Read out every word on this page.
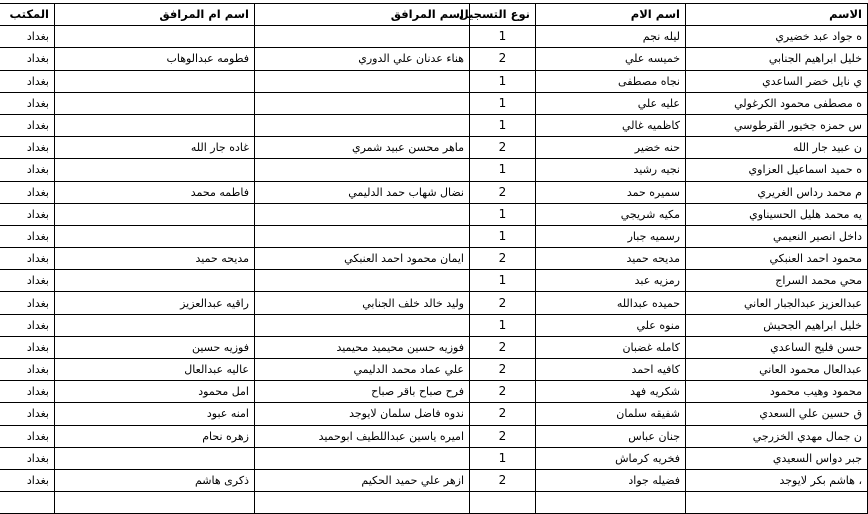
الاسم	اسم الام	نوع التسجيل	اسم المرافق	اسم ام المرافق	المكتب
ه جواد عبد خضيري	ليله نجم	1			بغداد
خليل ابراهيم الجنابي	خميسه علي	2	هناء عدنان علي الدوري	فطومه عبدالوهاب	بغداد
ي نايل خضر الساعدي	نجاه مصطفى	1			بغداد
ه مصطفى محمود الكرغولي	عليه علي	1			بغداد
س حمزه جخيور القرطوسي	كاظميه غالي	1			بغداد
ن عبيد جار الله	حنه خضير	2	ماهر محسن عبيد شمري	غاده جار الله	بغداد
ه حميد اسماعيل العزاوي	نجيه رشيد	1			بغداد
م محمد رداس الغريري	سميره حمد	2	نضال شهاب حمد الدليمي	فاطمه محمد	بغداد
يه محمد هليل الحسيناوي	مكيه شريجي	1			بغداد
داخل انصير النعيمي	رسميه جبار	1			بغداد
محمود احمد العنبكي	مديحه حميد	2	ايمان محمود احمد العنبكي	مديحه حميد	بغداد
محي محمد السراج	رمزيه عبد	1			بغداد
عبدالعزيز عبدالجبار العاني	حميده عبدالله	2	وليد خالد خلف الجنابي	راقيه عبدالعزيز	بغداد
خليل ابراهيم الجحيش	منوه علي	1			بغداد
حسن فليح الساعدي	كامله غضبان	2	فوزيه حسين محيميد محيميد	فوزيه حسين	بغداد
عبدالعال محمود العاني	كافيه احمد	2	علي عماد محمد الدليمي	عاليه عبدالعال	بغداد
محمود وهيب محمود	شكريه فهد	2	فرح صباح باقر صباح	امل محمود	بغداد
ق حسين علي السعدي	شفيقه سلمان	2	ندوه فاضل سلمان لايوجد	امنه عبود	بغداد
ن جمال مهدي الخزرجي	جنان عباس	2	اميره ياسين عبداللطيف ابوحميد	زهره نحام	بغداد
جبر دواس السعيدي	فخريه كرماش	1			بغداد
، هاشم بكر لايوجد	فضيله جواد	2	ازهر علي حميد الحكيم	ذكرى هاشم	بغداد
